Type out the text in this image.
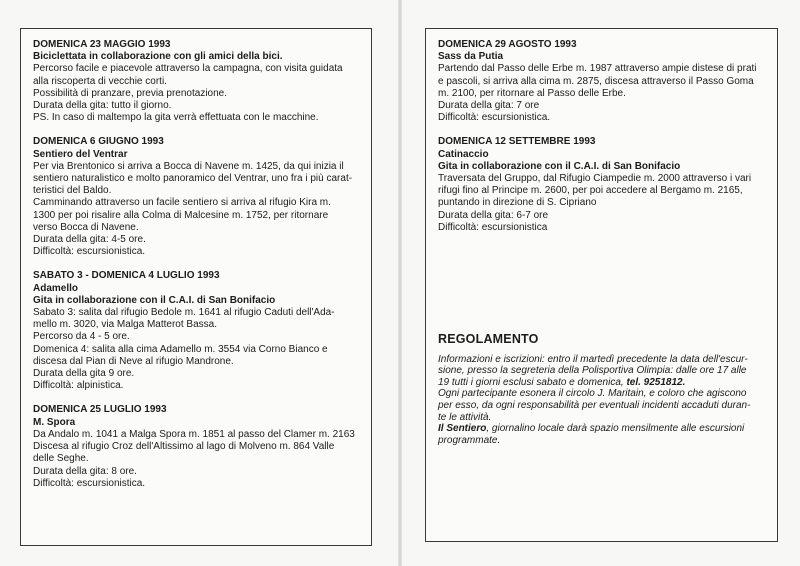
DOMENICA 23 MAGGIO 1993
Biciclettata in collaborazione con gli amici della bici.

Percorso facile e piacevole attraverso la campagna, con visita guidata
alla riscoperta di vecchie corti.
Possibilità di pranzare, previa prenotazione.
Durata della gita: tutto il giorno.

PS. In caso di maltempo la gita verrà effettuata con le macchine.

DOMENICA 6 GIUGNO 1993
Sentiero del Ventrar

Per via Brentonico si arriva a Bocca di Navene m. 1425, da qui inizia il
sentiero naturalistico e molto panoramico del Ventrar, uno fra i più carat-
teristici del Baldo.
Camminando attraverso un facile sentiero si arriva al rifugio Kira m.
1300 per poi risalire alla Colma di Malcesine m. 1752, per ritornare
verso Bocca di Navene.
Durata della gita: 4-5 ore.
Difficoltà: escursionistica.

SABATO 3 - DOMENICA 4 LUGLIO 1993
Adamello
Gita in collaborazione con il C.A.I. di San Bonifacio

Sabato 3: salita dal rifugio Bedole m. 1641 al rifugio Caduti dell'Ada-
mello m. 3020, via Malga Matterot Bassa.
Percorso da 4 - 5 ore.
Domenica 4: salita alla cima Adamello m. 3554 via Corno Bianco e
discesa dal Pian di Neve al rifugio Mandrone.
Durata della gita 9 ore.
Difficoltà: alpinistica.

DOMENICA 25 LUGLIO 1993
M. Spora

Da Andalo m. 1041 a Malga Spora m. 1851 al passo del Clamer m. 2163
Discesa al rifugio Croz dell'Altissimo al lago di Molveno m. 864 Valle
delle Seghe.
Durata della gita: 8 ore.
Difficoltà: escursionistica.

DOMENICA 29 AGOSTO 1993
Sass da Putia

Partendo dal Passo delle Erbe m. 1987 attraverso ampie distese di prati
e pascoli, si arriva alla cima m. 2875, discesa attraverso il Passo Goma
m. 2100, per ritornare al Passo delle Erbe.
Durata della gita: 7 ore
Difficoltà: escursionistica.

DOMENICA 12 SETTEMBRE 1993
Catinaccio
Gita in collaborazione con il C.A.I. di San Bonifacio

Traversata del Gruppo, dal Rifugio Ciampedie m. 2000 attraverso i vari
rifugi fino al Principe m. 2600, per poi accedere al Bergamo m. 2165,
puntando in direzione di S. Cipriano
Durata della gita: 6-7 ore
Difficoltà: escursionistica

REGOLAMENTO

Informazioni e iscrizioni: entro il martedì precedente la data dell'escur-
sione, presso la segreteria della Polisportiva Olimpia: dalle ore 17 alle
19 tutti i giorni esclusi sabato e domenica, tel. 9251812.

Ogni partecipante esonera il circolo J. Maritain, e coloro che agiscono
per esso, da ogni responsabilità per eventuali incidenti accaduti duran-
te le attività.

Il Sentiero, giornalino locale darà spazio mensilmente alle escursioni
programmate.
